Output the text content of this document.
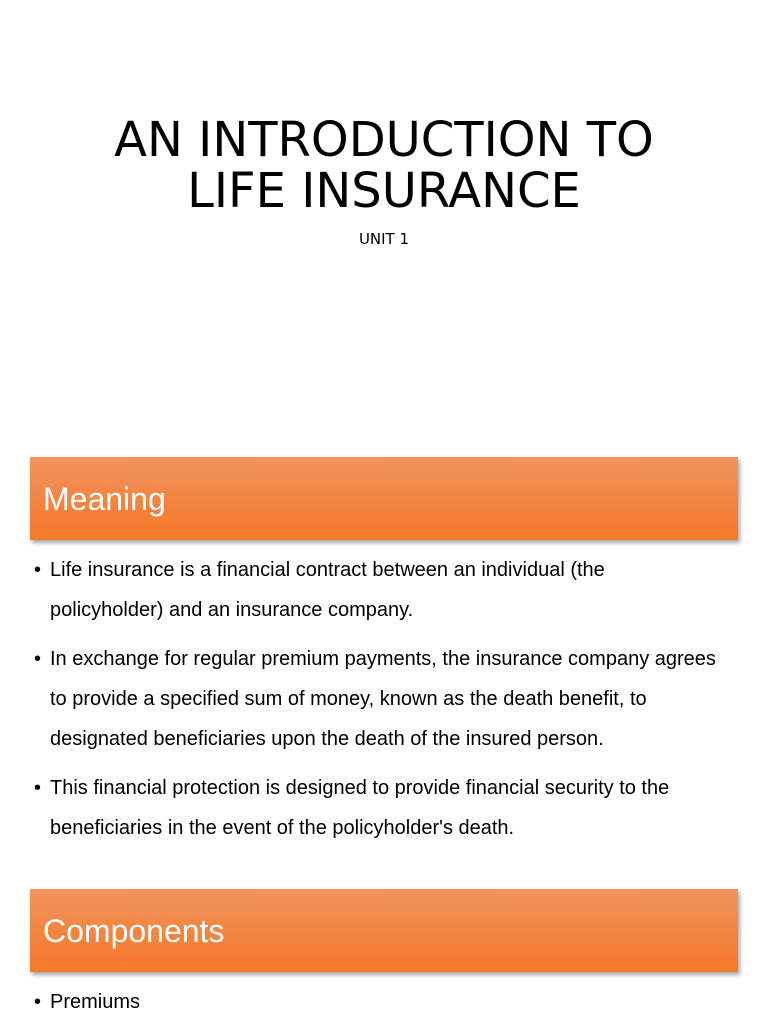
AN INTRODUCTION TO LIFE INSURANCE
UNIT 1
Meaning
• Life insurance is a financial contract between an individual (the
policyholder) and an insurance company.
• In exchange for regular premium payments, the insurance company agrees
to provide a specified sum of money, known as the death benefit, to
designated beneficiaries upon the death of the insured person.
• This financial protection is designed to provide financial security to the
beneficiaries in the event of the policyholder's death.
Components
• Premiums
